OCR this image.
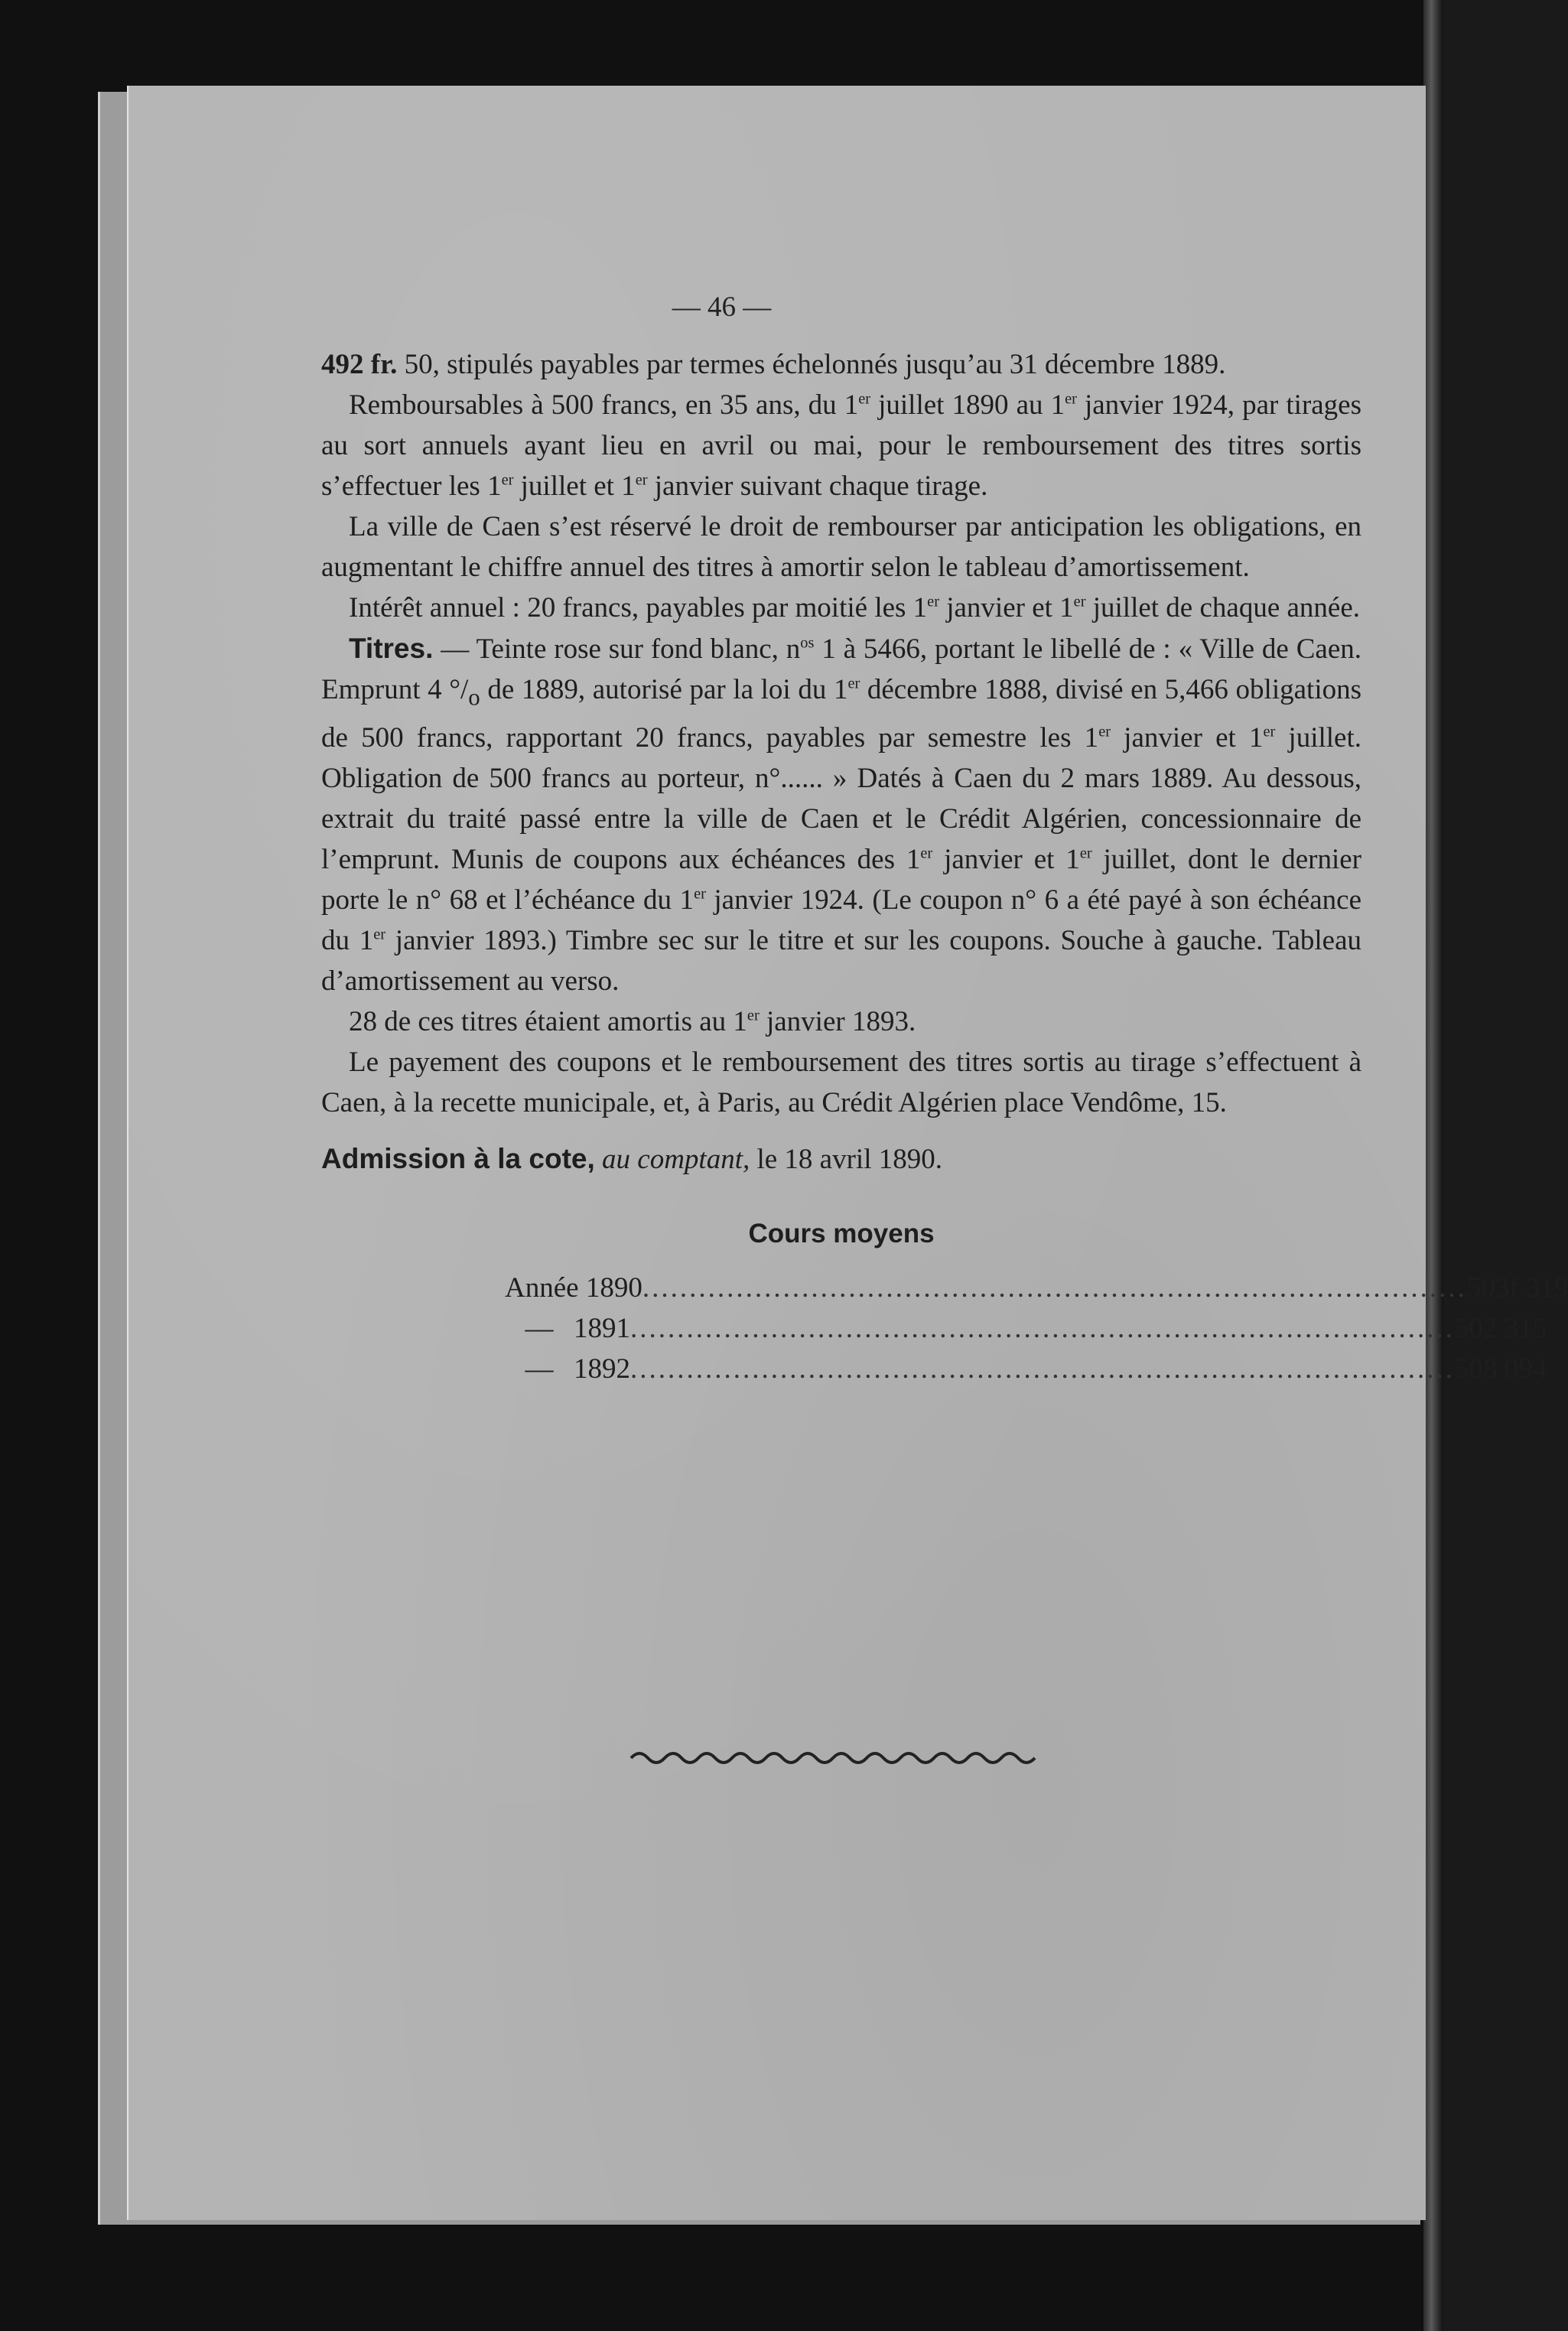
— 46 —

492 fr. 50, stipulés payables par termes échelonnés jusqu’au 31 décembre 1889.

Remboursables à 500 francs, en 35 ans, du 1er juillet 1890 au 1er janvier 1924, par tirages au sort annuels ayant lieu en avril ou mai, pour le remboursement des titres sortis s’effectuer les 1er juillet et 1er janvier suivant chaque tirage.

La ville de Caen s’est réservé le droit de rembourser par anticipation les obligations, en augmentant le chiffre annuel des titres à amortir selon le tableau d’amortissement.

Intérêt annuel : 20 francs, payables par moitié les 1er janvier et 1er juillet de chaque année.

Titres. — Teinte rose sur fond blanc, $n^{os}$ 1 à 5466, portant le libellé de : « Ville de Caen. Emprunt 4 $^\circ/_o$ de 1889, autorisé par la loi du 1er décembre 1888, divisé en 5,466 obligations de 500 francs, rapportant 20 francs, payables par semestre les 1er janvier et 1er juillet. Obligation de 500 francs au porteur, n°...... » Datés à Caen du 2 mars 1889. Au dessous, extrait du traité passé entre la ville de Caen et le Crédit Algérien, concessionnaire de l’emprunt. Munis de coupons aux échéances des 1er janvier et 1er juillet, dont le dernier porte le n° 68 et l’échéance du 1er janvier 1924. (Le coupon n° 6 a été payé à son échéance du 1er janvier 1893.) Timbre sec sur le titre et sur les coupons. Souche à gauche. Tableau d’amortissement au verso.

28 de ces titres étaient amortis au 1er janvier 1893.

Le payement des coupons et le remboursement des titres sortis au tirage s’effectuent à Caen, à la recette municipale, et, à Paris, au Crédit Algérien place Vendôme, 15.

Admission à la cote, au comptant, le 18 avril 1890.

Cours moyens
Année 1890 ........................................................................................ 503f 319
— 1891 ........................................................................................ 502 315
— 1892 ........................................................................................ 508 094
